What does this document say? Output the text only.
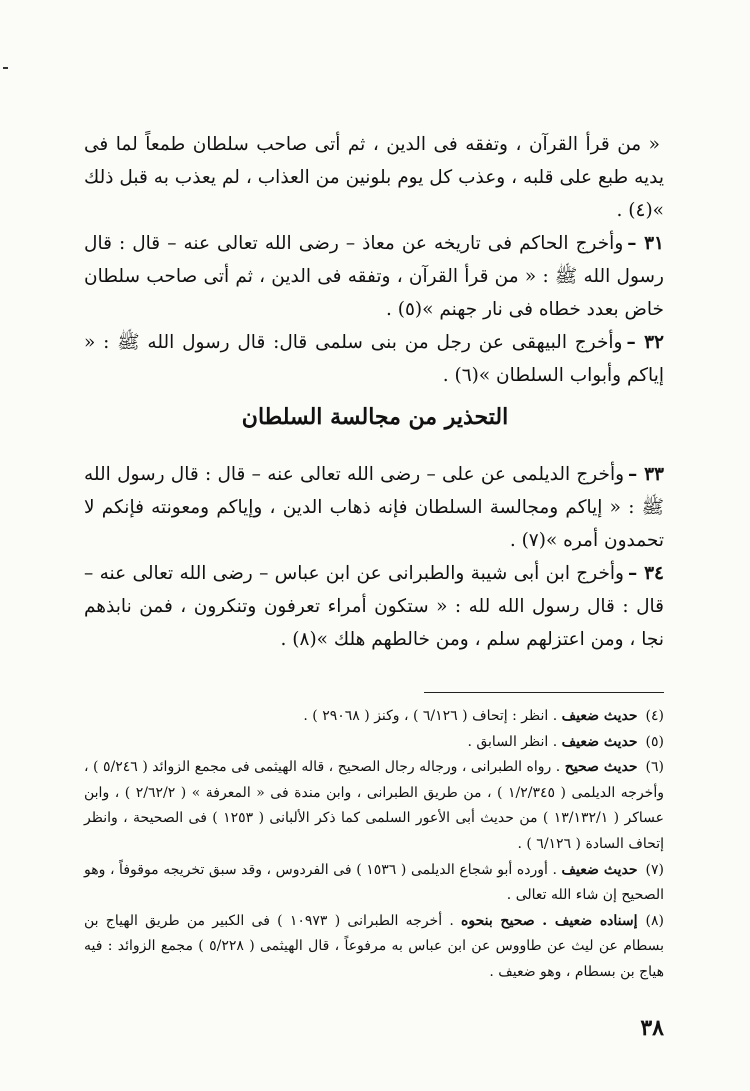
« من قرأ القرآن ، وتفقه فى الدين ، ثم أتى صاحب سلطان طمعاً لما فى يديه طبع على قلبه ، وعذب كل يوم بلونين من العذاب ، لم يعذب به قبل ذلك »(٤) .

٣١ –وأخرج الحاكم فى تاريخه عن معاذ – رضى الله تعالى عنه – قال : قال رسول الله ﷺ : « من قرأ القرآن ، وتفقه فى الدين ، ثم أتى صاحب سلطان خاض بعدد خطاه فى نار جهنم »(٥) .

٣٢ –وأخرج البيهقى عن رجل من بنى سلمى قال: قال رسول الله ﷺ : « إياكم وأبواب السلطان »(٦) .

التحذير من مجالسة السلطان

٣٣ –وأخرج الديلمى عن على – رضى الله تعالى عنه – قال : قال رسول الله ﷺ : « إياكم ومجالسة السلطان فإنه ذهاب الدين ، وإياكم ومعونته فإنكم لا تحمدون أمره »(٧) .

٣٤ –وأخرج ابن أبى شيبة والطبرانى عن ابن عباس – رضى الله تعالى عنه – قال : قال رسول الله لله : « ستكون أمراء تعرفون وتنكرون ، فمن نابذهم نجا ، ومن اعتزلهم سلم ، ومن خالطهم هلك »(٨) .

(٤)حديث ضعيف . انظر : إتحاف ( ٦/١٢٦ ) ، وكنز ( ٢٩٠٦٨ ) .

(٥)حديث ضعيف . انظر السابق .

(٦)حديث صحيح . رواه الطبرانى ، ورجاله رجال الصحيح ، قاله الهيثمى فى مجمع الزوائد ( ٥/٢٤٦ ) ، وأخرجه الديلمى ( ١/٢/٣٤٥ ) ، من طريق الطبرانى ، وابن مندة فى « المعرفة » ( ٢/٦٢/٢ ) ، وابن عساكر ( ١٣/١٣٢/١ ) من حديث أبى الأعور السلمى كما ذكر الألبانى ( ١٢٥٣ ) فى الصحيحة ، وانظر إتحاف السادة ( ٦/١٢٦ ) .

(٧)حديث ضعيف . أورده أبو شجاع الديلمى ( ١٥٣٦ ) فى الفردوس ، وقد سبق تخريجه موقوفاً ، وهو الصحيح إن شاء الله تعالى .

(٨)إسناده ضعيف . صحيح بنحوه . أخرجه الطبرانى ( ١٠٩٧٣ ) فى الكبير من طريق الهياج بن بسطام عن ليث عن طاووس عن ابن عباس به مرفوعاً ، قال الهيثمى ( ٥/٢٢٨ ) مجمع الزوائد : فيه هياج بن بسطام ، وهو ضعيف .

٣٨
